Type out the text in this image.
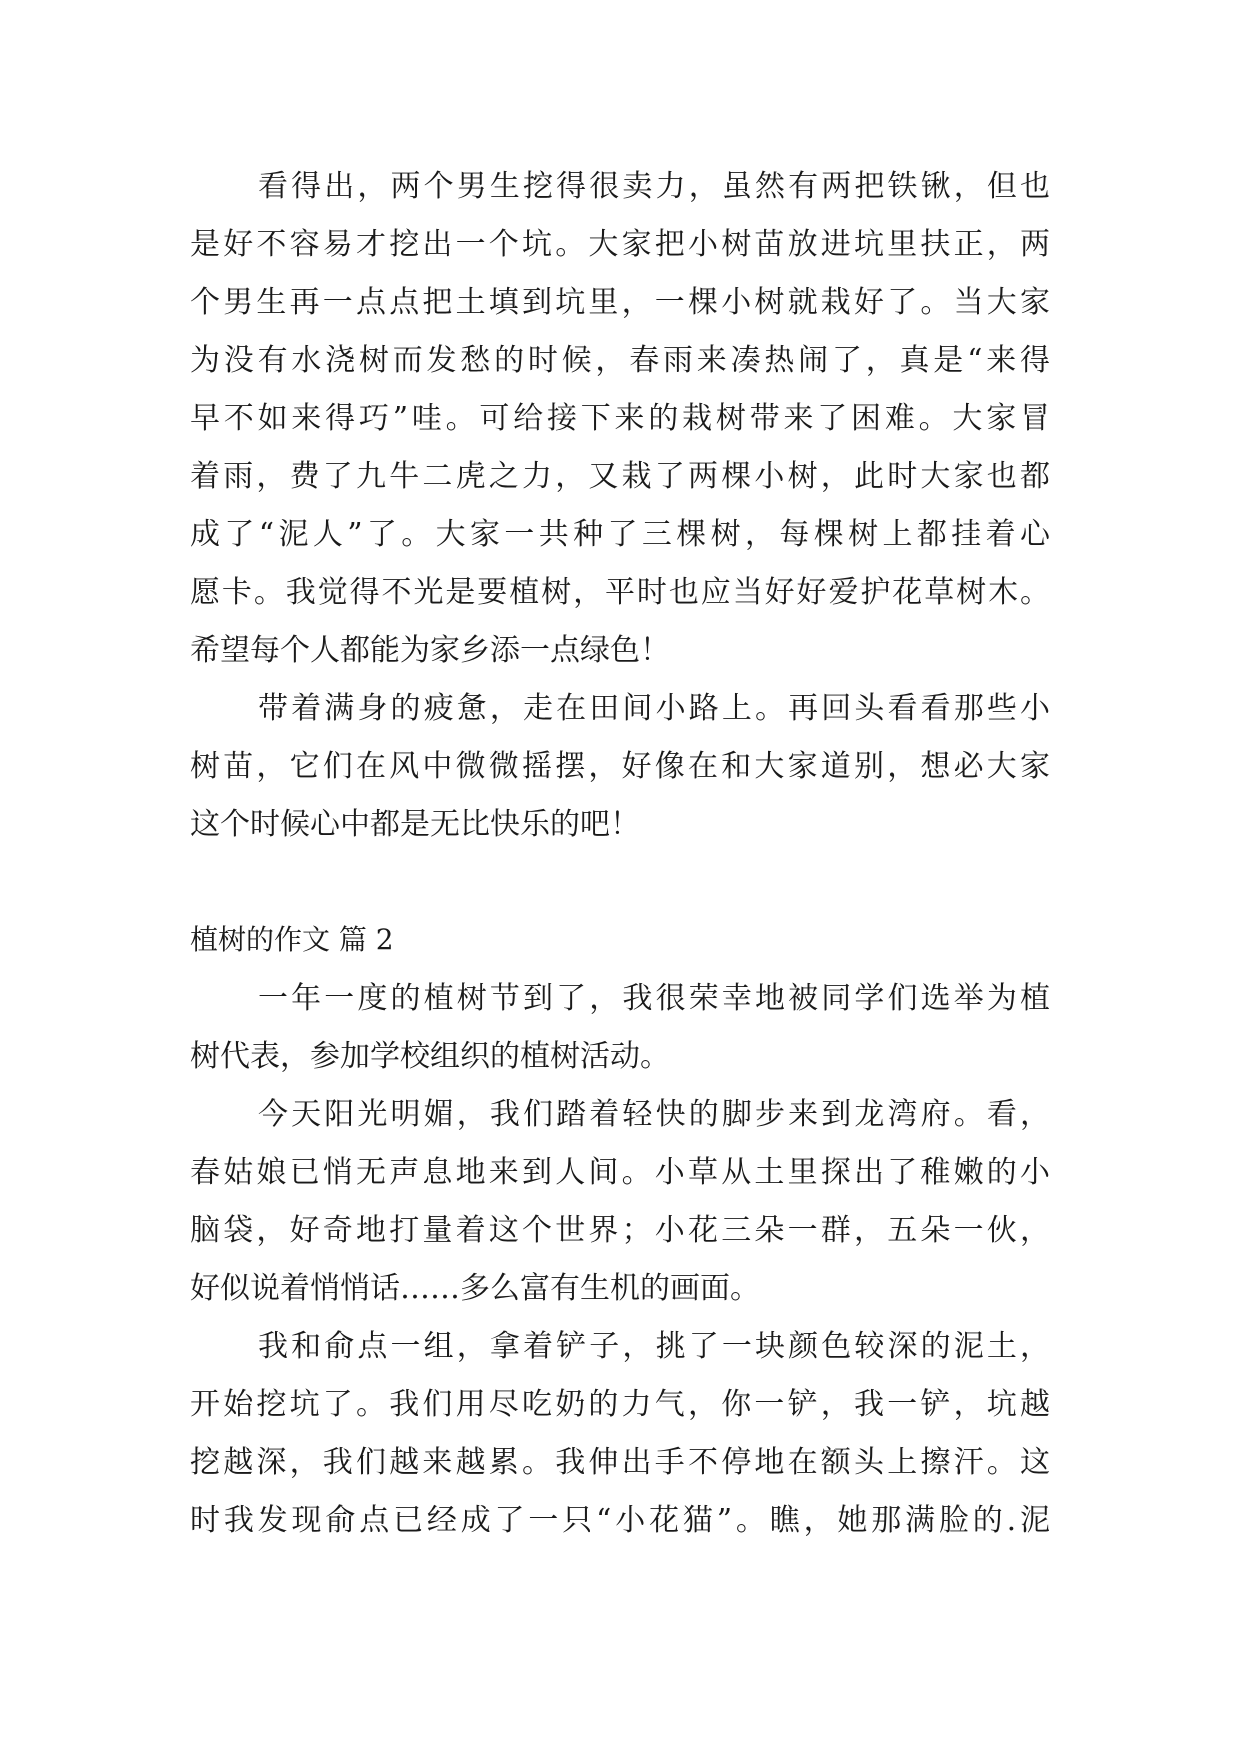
看得出，两个男生挖得很卖力，虽然有两把铁锹，但也
是好不容易才挖出一个坑。大家把小树苗放进坑里扶正，两
个男生再一点点把土填到坑里，一棵小树就栽好了。当大家
为没有水浇树而发愁的时候，春雨来凑热闹了，真是“来得
早不如来得巧”哇。可给接下来的栽树带来了困难。大家冒
着雨，费了九牛二虎之力，又栽了两棵小树，此时大家也都
成了“泥人”了。大家一共种了三棵树，每棵树上都挂着心
愿卡。我觉得不光是要植树，平时也应当好好爱护花草树木。
希望每个人都能为家乡添一点绿色！
带着满身的疲惫，走在田间小路上。再回头看看那些小
树苗，它们在风中微微摇摆，好像在和大家道别，想必大家
这个时候心中都是无比快乐的吧！
植树的作文 篇 2
一年一度的植树节到了，我很荣幸地被同学们选举为植
树代表，参加学校组织的植树活动。
今天阳光明媚，我们踏着轻快的脚步来到龙湾府。看，
春姑娘已悄无声息地来到人间。小草从土里探出了稚嫩的小
脑袋，好奇地打量着这个世界；小花三朵一群，五朵一伙，
好似说着悄悄话……多么富有生机的画面。
我和俞点一组，拿着铲子，挑了一块颜色较深的泥土，
开始挖坑了。我们用尽吃奶的力气，你一铲，我一铲，坑越
挖越深，我们越来越累。我伸出手不停地在额头上擦汗。这
时我发现俞点已经成了一只“小花猫”。瞧，她那满脸的.泥
